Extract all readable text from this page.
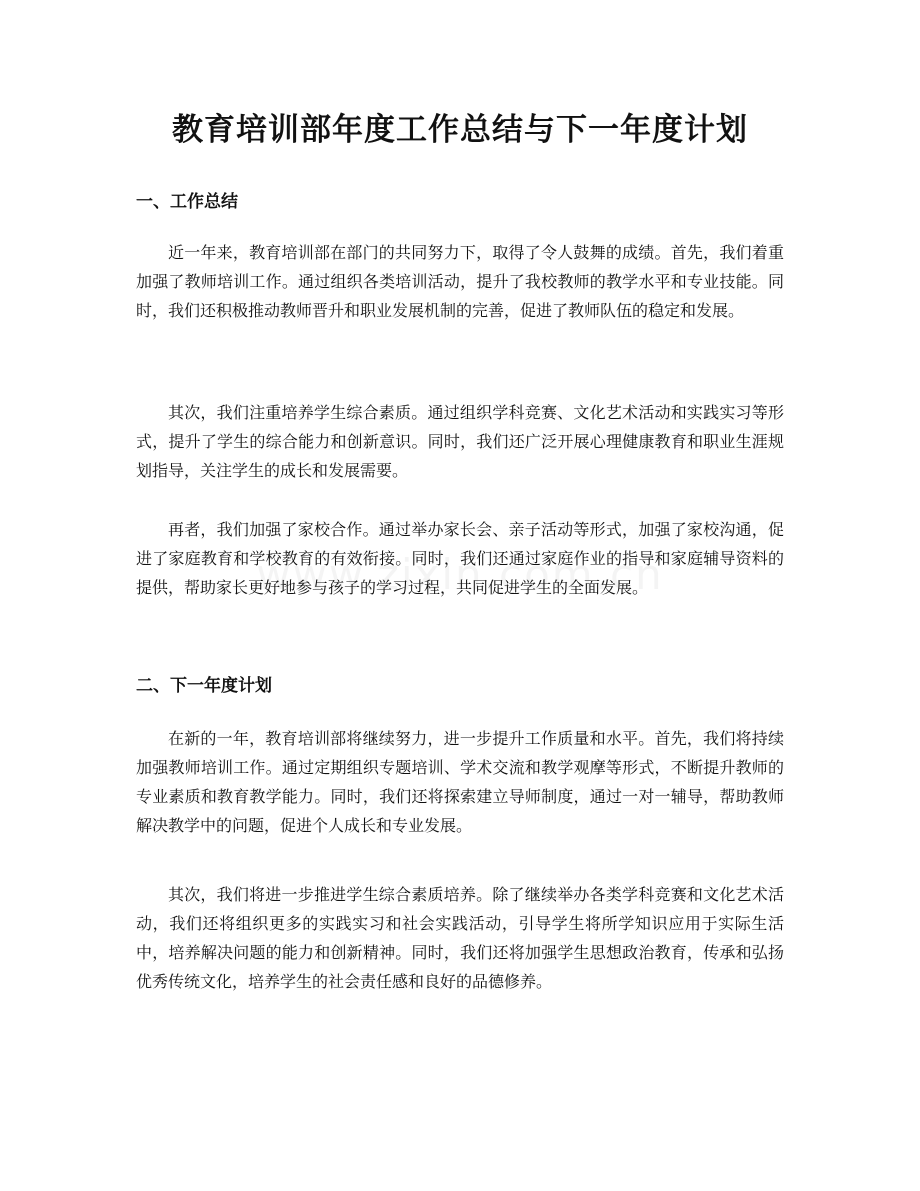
教育培训部年度工作总结与下一年度计划
一、工作总结

近一年来，教育培训部在部门的共同努力下，取得了令人鼓舞的成绩。首先，我们着重加强了教师培训工作。通过组织各类培训活动，提升了我校教师的教学水平和专业技能。同时，我们还积极推动教师晋升和职业发展机制的完善，促进了教师队伍的稳定和发展。

其次，我们注重培养学生综合素质。通过组织学科竞赛、文化艺术活动和实践实习等形式，提升了学生的综合能力和创新意识。同时，我们还广泛开展心理健康教育和职业生涯规划指导，关注学生的成长和发展需要。

再者，我们加强了家校合作。通过举办家长会、亲子活动等形式，加强了家校沟通，促进了家庭教育和学校教育的有效衔接。同时，我们还通过家庭作业的指导和家庭辅导资料的提供，帮助家长更好地参与孩子的学习过程，共同促进学生的全面发展。

二、下一年度计划

在新的一年，教育培训部将继续努力，进一步提升工作质量和水平。首先，我们将持续加强教师培训工作。通过定期组织专题培训、学术交流和教学观摩等形式，不断提升教师的专业素质和教育教学能力。同时，我们还将探索建立导师制度，通过一对一辅导，帮助教师解决教学中的问题，促进个人成长和专业发展。

其次，我们将进一步推进学生综合素质培养。除了继续举办各类学科竞赛和文化艺术活动，我们还将组织更多的实践实习和社会实践活动，引导学生将所学知识应用于实际生活中，培养解决问题的能力和创新精神。同时，我们还将加强学生思想政治教育，传承和弘扬优秀传统文化，培养学生的社会责任感和良好的品德修养。
